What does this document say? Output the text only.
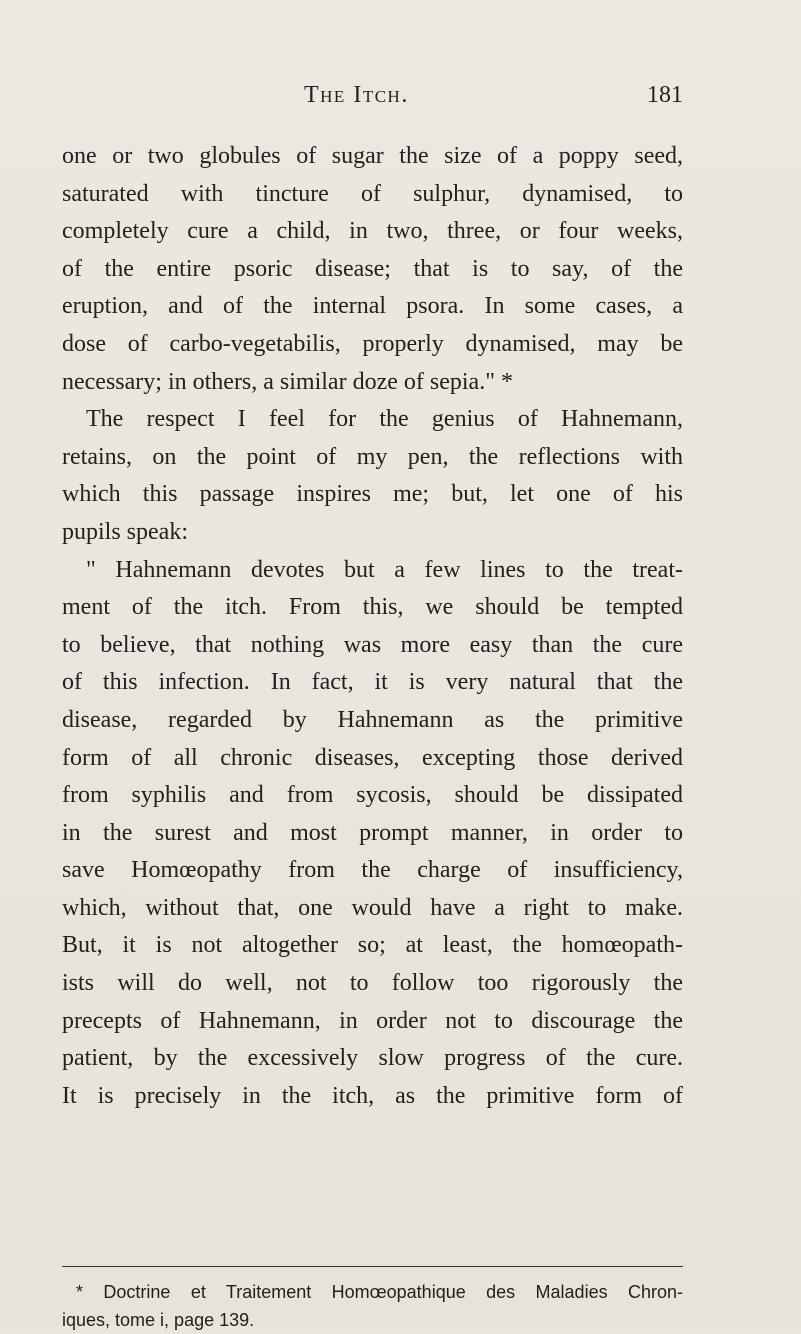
The Itch.	181
one or two globules of sugar the size of a poppy seed,
saturated with tincture of sulphur, dynamised, to
completely cure a child, in two, three, or four weeks,
of the entire psoric disease; that is to say, of the
eruption, and of the internal psora. In some cases, a
dose of carbo-vegetabilis, properly dynamised, may be
necessary; in others, a similar doze of sepia." *
The respect I feel for the genius of Hahnemann,
retains, on the point of my pen, the reflections with
which this passage inspires me; but, let one of his
pupils speak:
" Hahnemann devotes but a few lines to the treat-
ment of the itch. From this, we should be tempted
to believe, that nothing was more easy than the cure
of this infection. In fact, it is very natural that the
disease, regarded by Hahnemann as the primitive
form of all chronic diseases, excepting those derived
from syphilis and from sycosis, should be dissipated
in the surest and most prompt manner, in order to
save Homœopathy from the charge of insufficiency,
which, without that, one would have a right to make.
But, it is not altogether so; at least, the homœopath-
ists will do well, not to follow too rigorously the
precepts of Hahnemann, in order not to discourage the
patient, by the excessively slow progress of the cure.
It is precisely in the itch, as the primitive form of
* Doctrine et Traitement Homœopathique des Maladies Chron-
iques, tome i, page 139.
